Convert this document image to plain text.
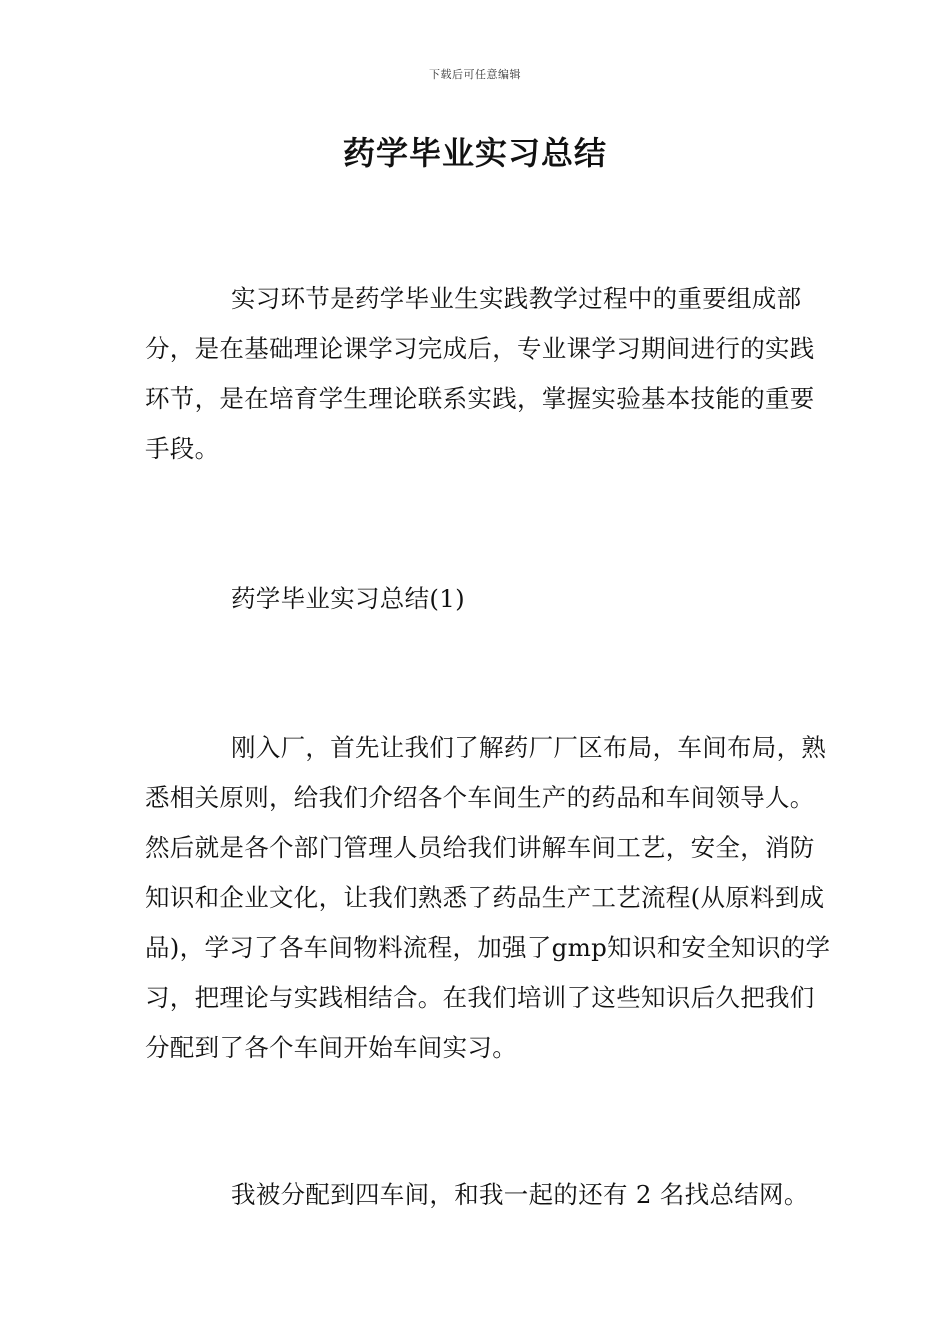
下载后可任意编辑
药学毕业实习总结

实习环节是药学毕业生实践教学过程中的重要组成部分，是在基础理论课学习完成后，专业课学习期间进行的实践环节，是在培育学生理论联系实践，掌握实验基本技能的重要手段。

药学毕业实习总结(1)

刚入厂，首先让我们了解药厂厂区布局，车间布局，熟悉相关原则，给我们介绍各个车间生产的药品和车间领导人。然后就是各个部门管理人员给我们讲解车间工艺，安全，消防知识和企业文化，让我们熟悉了药品生产工艺流程(从原料到成品)，学习了各车间物料流程，加强了gmp知识和安全知识的学习，把理论与实践相结合。在我们培训了这些知识后久把我们分配到了各个车间开始车间实习。

我被分配到四车间，和我一起的还有 2 名找总结网。
